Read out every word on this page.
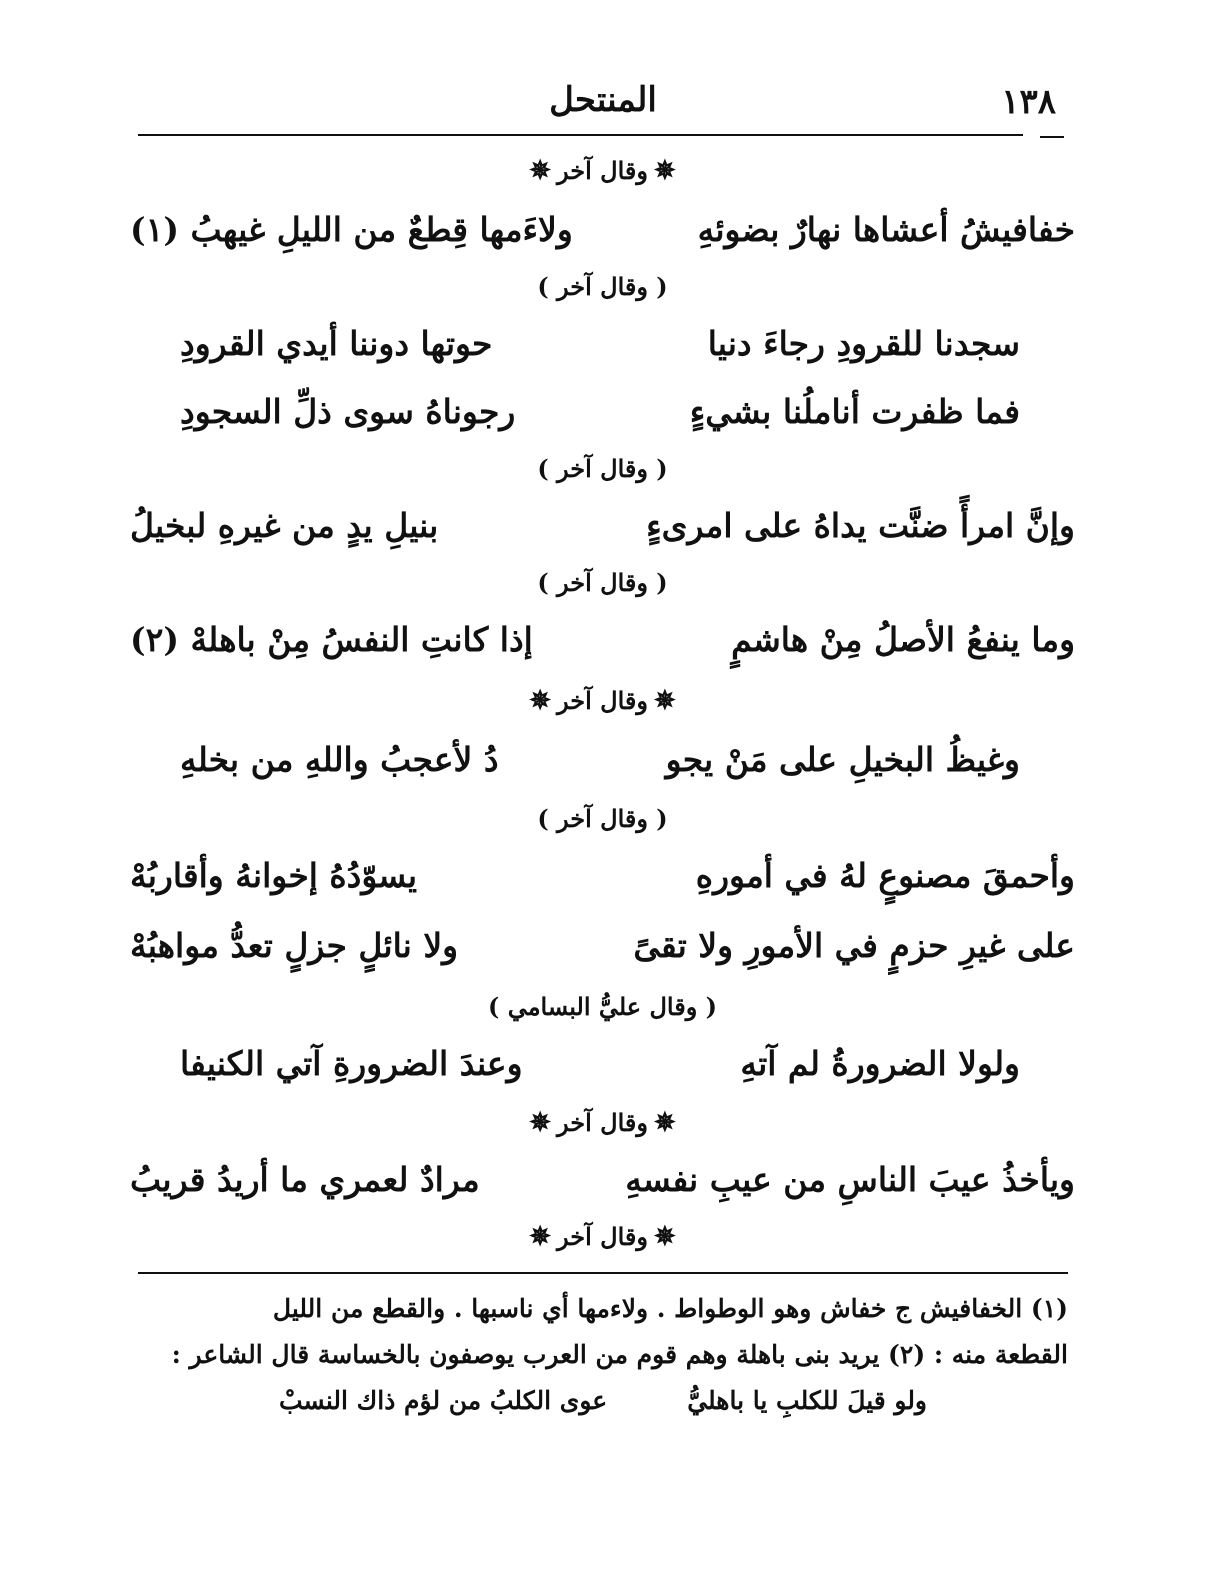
١٣٨
المنتحل
✵وقال آخر✵
خفافيشُ أعشاها نهارٌ بضوئهِ
ولاءَمها قِطعٌ من الليلِ غيهبُ (١)
( وقال آخر )
سجدنا للقرودِ رجاءَ دنيا
حوتها دوننا أيدي القرودِ
فما ظفرت أناملُنا بشيءٍ
رجوناهُ سوى ذلِّ السجودِ
( وقال آخر )
وإنَّ امرأً ضنَّت يداهُ على امرىءٍ
بنيلِ يدٍ من غيرهِ لبخيلُ
( وقال آخر )
وما ينفعُ الأصلُ مِنْ هاشمٍ
إذا كانتِ النفسُ مِنْ باهلهْ (٢)
✵وقال آخر✵
وغيظُ البخيلِ على مَنْ يجو
دُ لأعجبُ واللهِ من بخلهِ
( وقال آخر )
وأحمقَ مصنوعٍ لهُ في أمورهِ
يسوّدُهُ إخوانهُ وأقاربُهْ
على غيرِ حزمٍ في الأمورِ ولا تقىً
ولا نائلٍ جزلٍ تعدُّ مواهبُهْ
( وقال عليُّ البسامي )
ولولا الضرورةُ لم آتهِ
وعندَ الضرورةِ آتي الكنيفا
✵وقال آخر✵
ويأخذُ عيبَ الناسِ من عيبِ نفسهِ
مرادٌ لعمري ما أريدُ قريبُ
✵وقال آخر✵
(١) الخفافيش ج خفاش وهو الوطواط . ولاءمها أي ناسبها . والقطع من الليل
القطعة منه : (٢) يريد بنى باهلة وهم قوم من العرب يوصفون بالخساسة قال الشاعر :
ولو قيلَ للكلبِ يا باهليُّ
عوى الكلبُ من لؤم ذاك النسبْ
